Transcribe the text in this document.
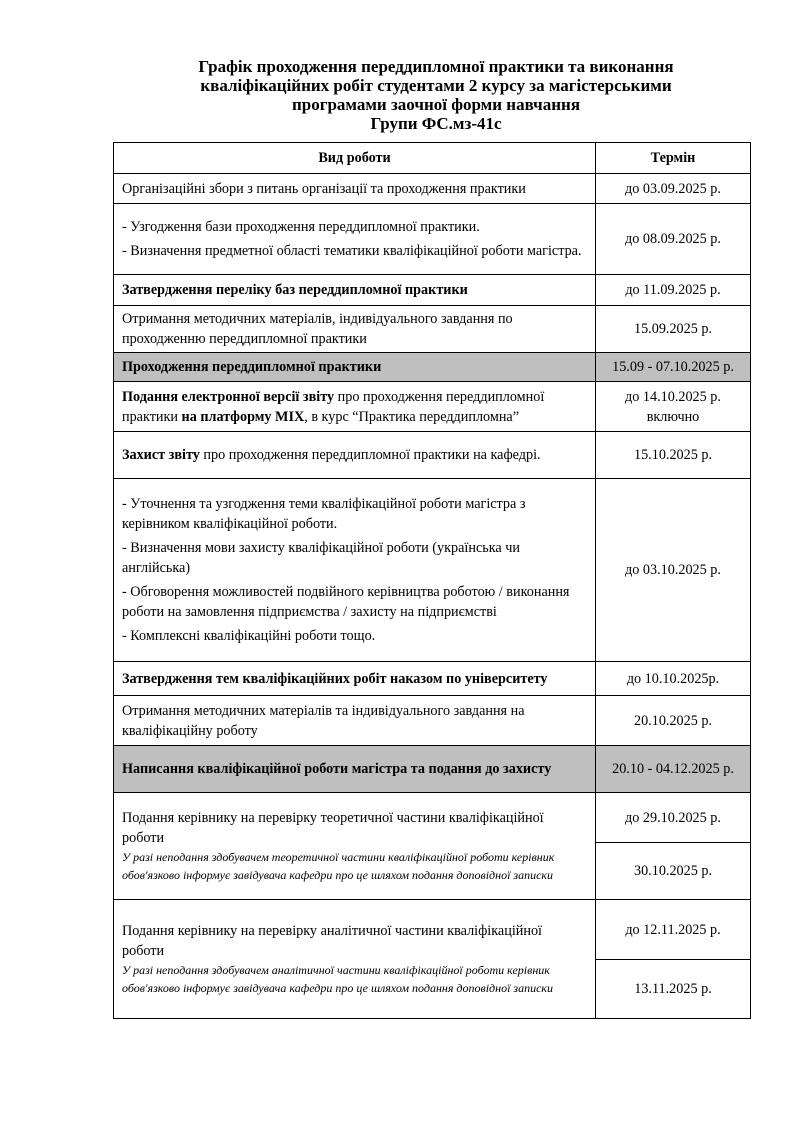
Графік проходження переддипломної практики та виконання
кваліфікаційних робіт студентами 2 курсу за магістерськими
програмами заочної форми навчання
Групи ФС.мз-41с
Вид роботи	Термін
Організаційні збори з питань організації та проходження практики	до 03.09.2025 р.

- Узгодження бази проходження переддипломної практики.

- Визначення предметної області тематики кваліфікаційної роботи магістра.	до 08.09.2025 р.
Затвердження переліку баз переддипломної практики	до 11.09.2025 р.
Отримання методичних матеріалів, індивідуального завдання по проходженню переддипломної практики	15.09.2025 р.
Проходження переддипломної практики	15.09 - 07.10.2025 р.
Подання електронної версії звіту про проходження переддипломної практики на платформу MIX, в курс “Практика переддипломна”	до 14.10.2025 р.
включно

Захист звіту про проходження переддипломної практики на кафедрі.	15.10.2025 р.

- Уточнення та узгодження теми кваліфікаційної роботи магістра з керівником кваліфікаційної роботи.

- Визначення мови захисту кваліфікаційної роботи (українська чи англійська)

- Обговорення можливостей подвійного керівництва роботою / виконання роботи на замовлення підприємства / захисту на підприємстві

- Комплексні кваліфікаційні роботи тощо.	до 03.10.2025 р.
Затвердження тем кваліфікаційних робіт наказом по університету	до 10.10.2025р.
Отримання методичних матеріалів та індивідуального завдання на кваліфікаційну роботу	20.10.2025 р.
Написання кваліфікаційної роботи магістра та подання до захисту	20.10 - 04.12.2025 р.

Подання керівнику на перевірку теоретичної частини кваліфікаційної роботи

У разі неподання здобувачем теоретичної частини кваліфікаційної роботи керівник обов'язково інформує завідувача кафедри про це шляхом подання доповідної записки	до 29.10.2025 р.
	30.10.2025 р.

Подання керівнику на перевірку аналітичної частини кваліфікаційної роботи

У разі неподання здобувачем аналітичної частини кваліфікаційної роботи керівник обов'язково інформує завідувача кафедри про це шляхом подання доповідної записки	до 12.11.2025 р.
	13.11.2025 р.
